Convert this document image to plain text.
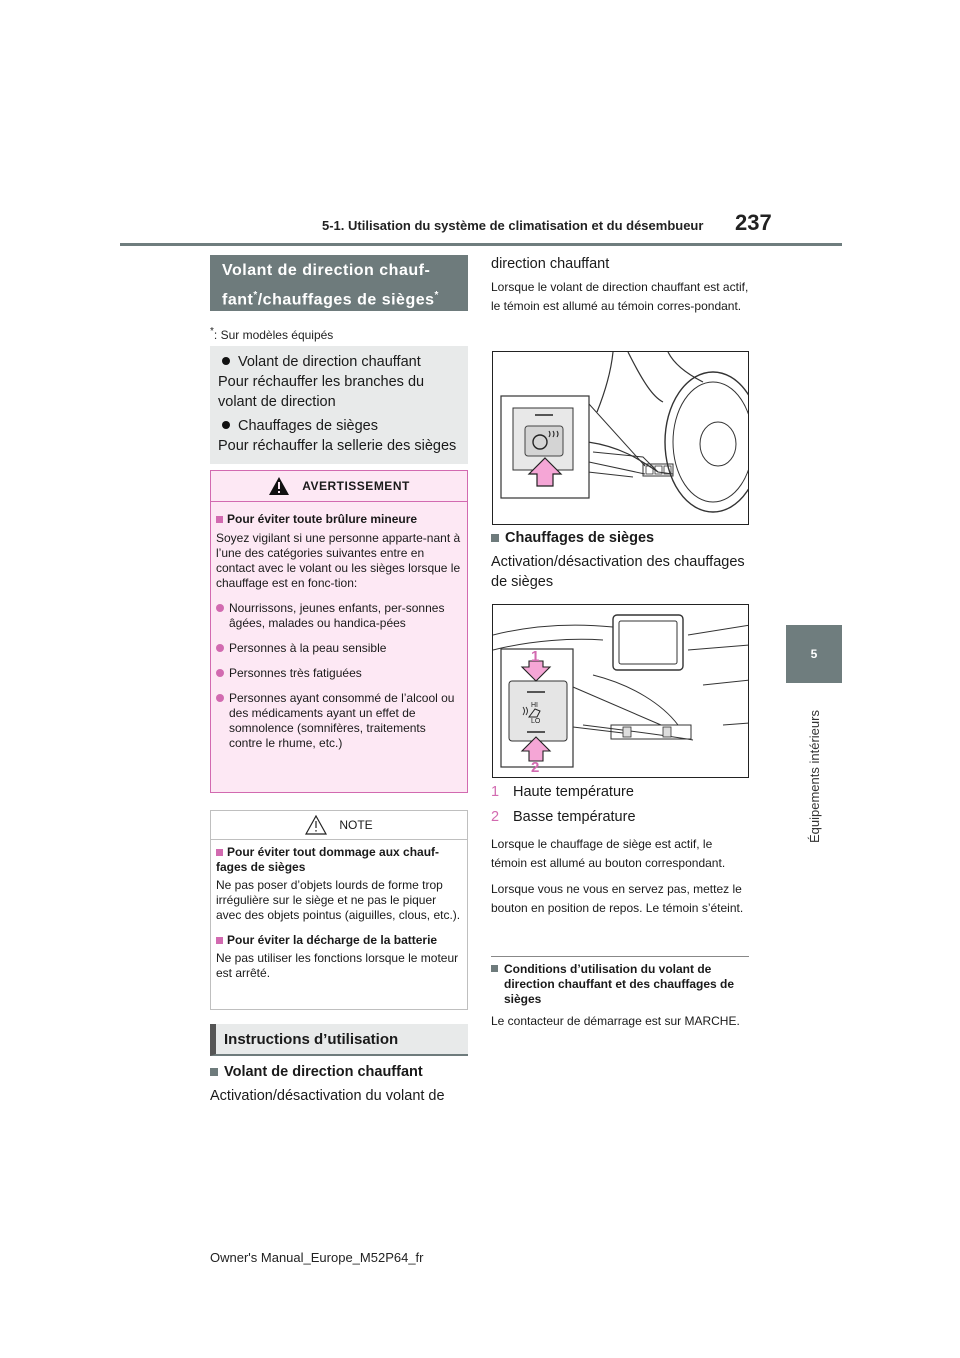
5-1. Utilisation du système de climatisation et du désembueur 237
5
Équipements intérieurs
Volant de direction chauf-
fant*/chauffages de sièges*
*: Sur modèles équipés
Volant de direction chauffant
Pour réchauffer les branches du volant de direction
Chauffages de sièges
Pour réchauffer la sellerie des sièges
AVERTISSEMENT
Pour éviter toute brûlure mineure
Soyez vigilant si une personne apparte-nant à l’une des catégories suivantes entre en contact avec le volant ou les sièges lorsque le chauffage est en fonc-tion:
Nourrissons, jeunes enfants, per-sonnes âgées, malades ou handica-pées
Personnes à la peau sensible
Personnes très fatiguées
Personnes ayant consommé de l’alcool ou des médicaments ayant un effet de somnolence (somnifères, traitements contre le rhume, etc.)
NOTE
Pour éviter tout dommage aux chauf-fages de sièges
Ne pas poser d’objets lourds de forme trop irrégulière sur le siège et ne pas le piquer avec des objets pointus (aiguilles, clous, etc.).
Pour éviter la décharge de la batterie
Ne pas utiliser les fonctions lorsque le moteur est arrêté.
Instructions d’utilisation
Volant de direction chauffant
Activation/désactivation du volant de
direction chauffant
Lorsque le volant de direction chauffant est actif, le témoin est allumé au témoin corres-pondant.
Chauffages de sièges
Activation/désactivation des chauffages de sièges
HI
LO
1
2
1 Haute température
2 Basse température
Lorsque le chauffage de siège est actif, le témoin est allumé au bouton correspondant.
Lorsque vous ne vous en servez pas, mettez le bouton en position de repos. Le témoin s’éteint.
Conditions d’utilisation du volant de direction chauffant et des chauffages de sièges
Le contacteur de démarrage est sur MARCHE.
Owner's Manual_Europe_M52P64_fr
